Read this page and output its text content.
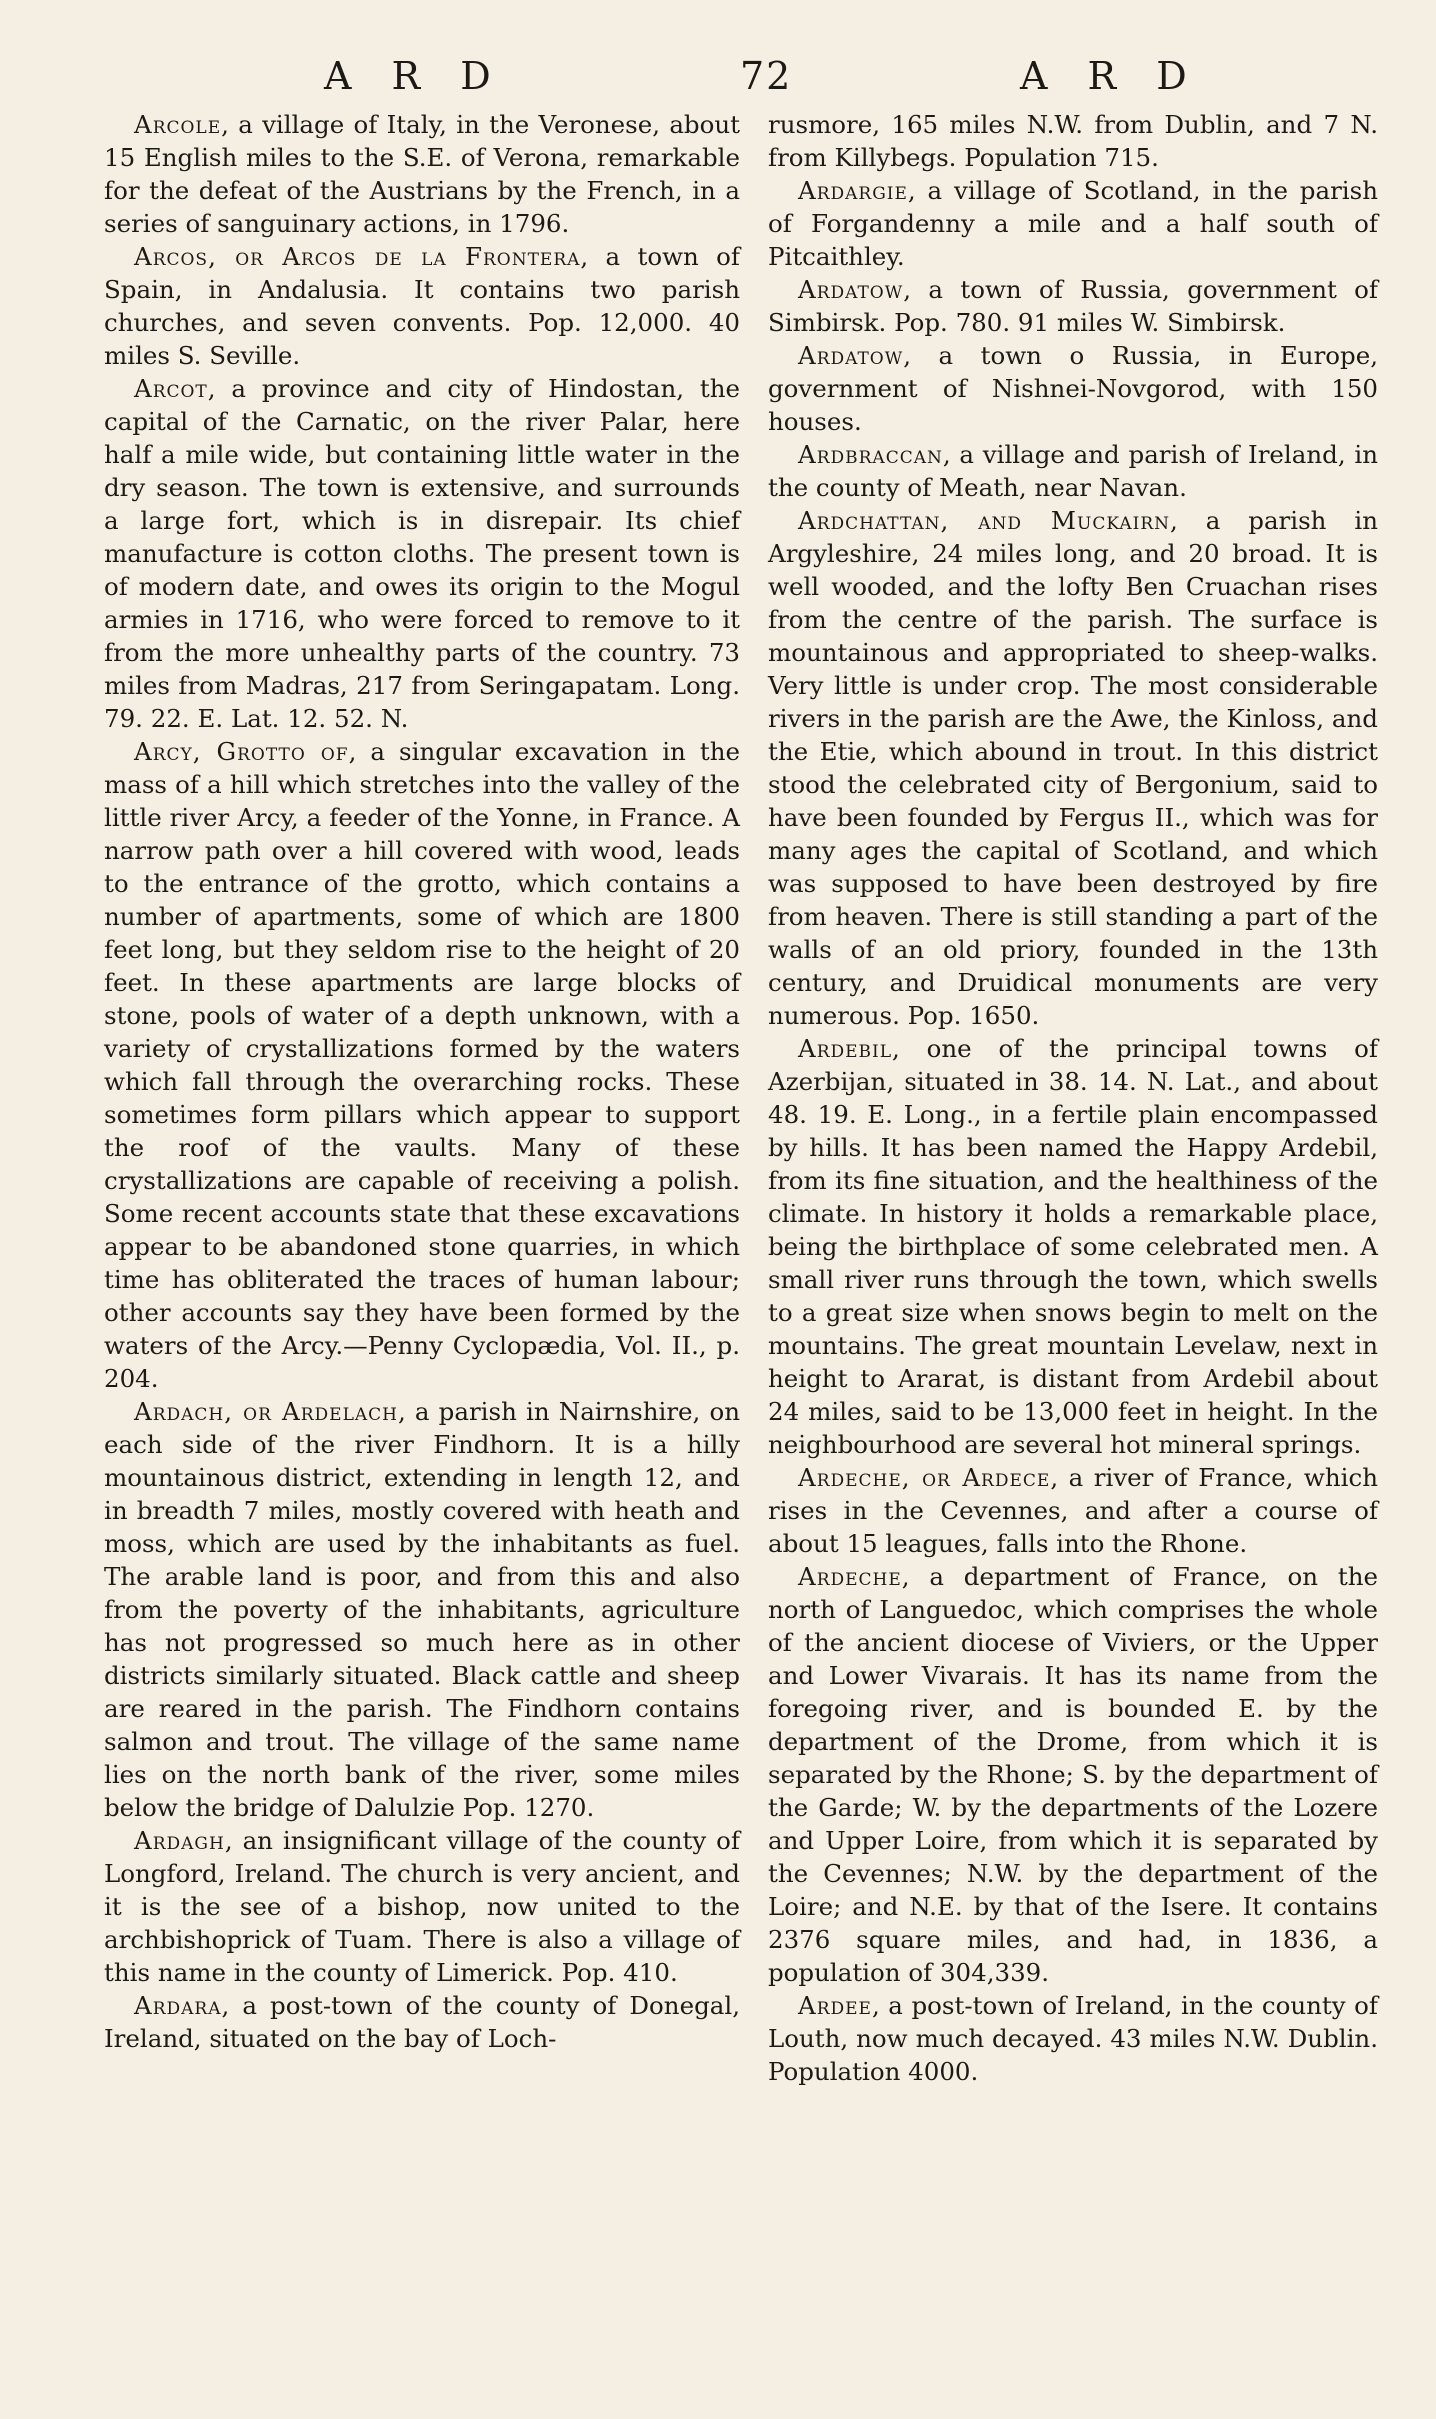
A R D	72	A R D

Arcole, a village of Italy, in the Veronese, about 15 English miles to the S.E. of Verona, remarkable for the defeat of the Austrians by the French, in a series of sanguinary actions, in 1796.

Arcos, or Arcos de la Frontera, a town of Spain, in Andalusia. It contains two parish churches, and seven convents. Pop. 12,000. 40 miles S. Seville.

Arcot, a province and city of Hindostan, the capital of the Carnatic, on the river Palar, here half a mile wide, but containing little water in the dry season. The town is extensive, and surrounds a large fort, which is in disrepair. Its chief manufacture is cotton cloths. The present town is of modern date, and owes its origin to the Mogul armies in 1716, who were forced to remove to it from the more unhealthy parts of the country. 73 miles from Madras, 217 from Seringapatam. Long. 79. 22. E. Lat. 12. 52. N.

Arcy, Grotto of, a singular excavation in the mass of a hill which stretches into the valley of the little river Arcy, a feeder of the Yonne, in France. A narrow path over a hill covered with wood, leads to the entrance of the grotto, which contains a number of apartments, some of which are 1800 feet long, but they seldom rise to the height of 20 feet. In these apartments are large blocks of stone, pools of water of a depth unknown, with a variety of crystallizations formed by the waters which fall through the overarching rocks. These sometimes form pillars which appear to support the roof of the vaults. Many of these crystallizations are capable of receiving a polish. Some recent accounts state that these excavations appear to be abandoned stone quarries, in which time has obliterated the traces of human labour; other accounts say they have been formed by the waters of the Arcy.—Penny Cyclopædia, Vol. II., p. 204.

Ardach, or Ardelach, a parish in Nairnshire, on each side of the river Findhorn. It is a hilly mountainous district, extending in length 12, and in breadth 7 miles, mostly covered with heath and moss, which are used by the inhabitants as fuel. The arable land is poor, and from this and also from the poverty of the inhabitants, agriculture has not progressed so much here as in other districts similarly situated. Black cattle and sheep are reared in the parish. The Findhorn contains salmon and trout. The village of the same name lies on the north bank of the river, some miles below the bridge of Dalulzie Pop. 1270.

Ardagh, an insignificant village of the county of Longford, Ireland. The church is very ancient, and it is the see of a bishop, now united to the archbishoprick of Tuam. There is also a village of this name in the county of Limerick. Pop. 410.

Ardara, a post-town of the county of Donegal, Ireland, situated on the bay of Loch-

rusmore, 165 miles N.W. from Dublin, and 7 N. from Killybegs. Population 715.

Ardargie, a village of Scotland, in the parish of Forgandenny a mile and a half south of Pitcaithley.

Ardatow, a town of Russia, government of Simbirsk. Pop. 780. 91 miles W. Simbirsk.

Ardatow, a town o Russia, in Europe, government of Nishnei-Novgorod, with 150 houses.

Ardbraccan, a village and parish of Ireland, in the county of Meath, near Navan.

Ardchattan, and Muckairn, a parish in Argyleshire, 24 miles long, and 20 broad. It is well wooded, and the lofty Ben Cruachan rises from the centre of the parish. The surface is mountainous and appropriated to sheep-walks. Very little is under crop. The most considerable rivers in the parish are the Awe, the Kinloss, and the Etie, which abound in trout. In this district stood the celebrated city of Bergonium, said to have been founded by Fergus II., which was for many ages the capital of Scotland, and which was supposed to have been destroyed by fire from heaven. There is still standing a part of the walls of an old priory, founded in the 13th century, and Druidical monuments are very numerous. Pop. 1650.

Ardebil, one of the principal towns of Azerbijan, situated in 38. 14. N. Lat., and about 48. 19. E. Long., in a fertile plain encompassed by hills. It has been named the Happy Ardebil, from its fine situation, and the healthiness of the climate. In history it holds a remarkable place, being the birthplace of some celebrated men. A small river runs through the town, which swells to a great size when snows begin to melt on the mountains. The great mountain Levelaw, next in height to Ararat, is distant from Ardebil about 24 miles, said to be 13,000 feet in height. In the neighbourhood are several hot mineral springs.

Ardeche, or Ardece, a river of France, which rises in the Cevennes, and after a course of about 15 leagues, falls into the Rhone.

Ardeche, a department of France, on the north of Languedoc, which comprises the whole of the ancient diocese of Viviers, or the Upper and Lower Vivarais. It has its name from the foregoing river, and is bounded E. by the department of the Drome, from which it is separated by the Rhone; S. by the department of the Garde; W. by the departments of the Lozere and Upper Loire, from which it is separated by the Cevennes; N.W. by the department of the Loire; and N.E. by that of the Isere. It contains 2376 square miles, and had, in 1836, a population of 304,339.

Ardee, a post-town of Ireland, in the county of Louth, now much decayed. 43 miles N.W. Dublin. Population 4000.
